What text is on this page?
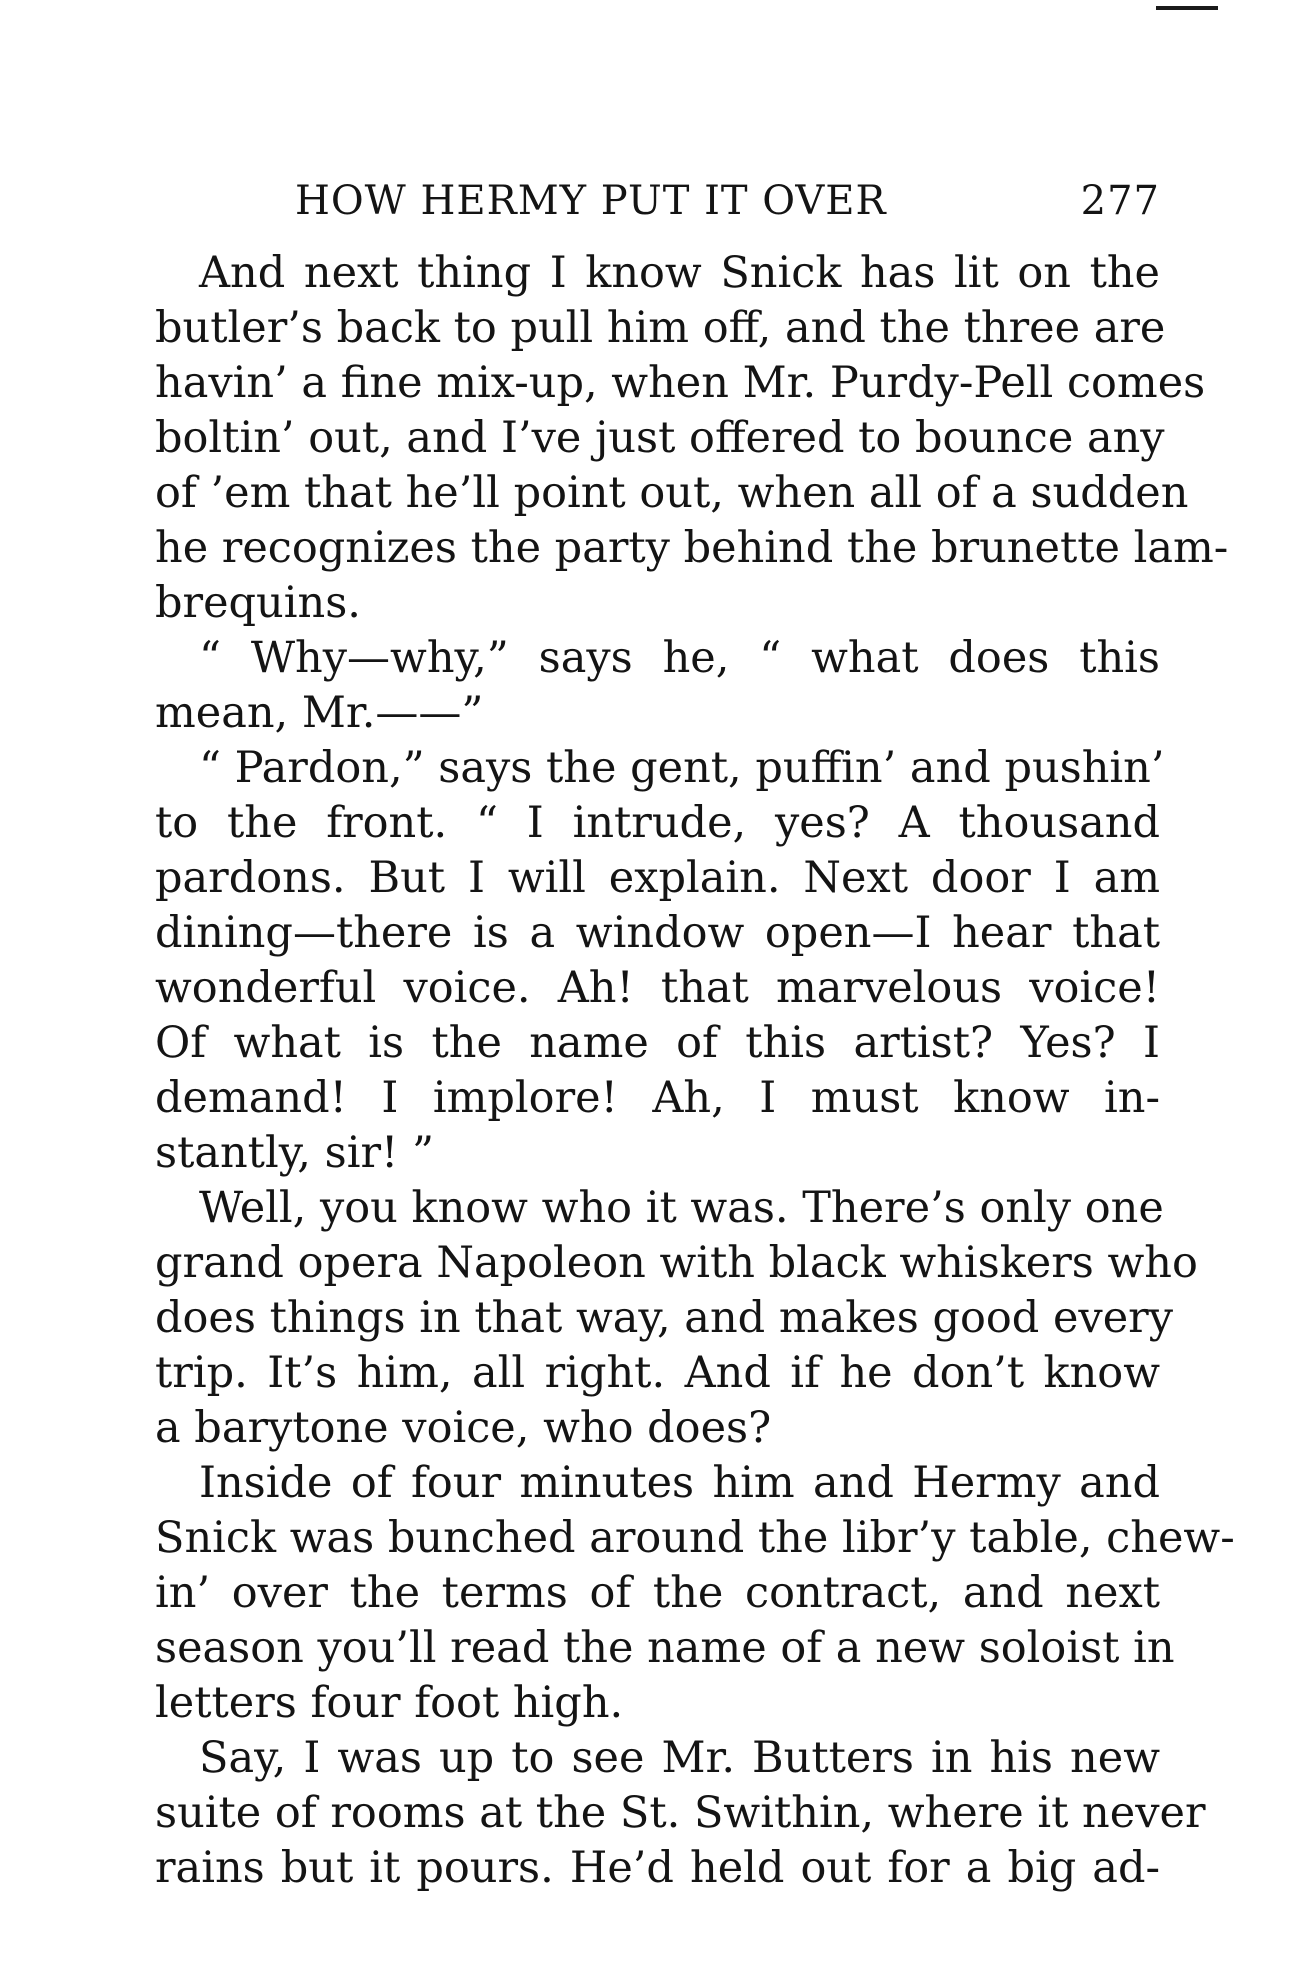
HOW HERMY PUT IT OVER	277

And next thing I know Snick has lit on the
butler’s back to pull him off, and the three are
havin’ a fine mix-up, when Mr. Purdy-Pell comes
boltin’ out, and I’ve just offered to bounce any
of ’em that he’ll point out, when all of a sudden
he recognizes the party behind the brunette lam-
brequins.

“ Why—why,” says he, “ what does this
mean, Mr.——”

“ Pardon,” says the gent, puffin’ and pushin’
to the front. “ I intrude, yes? A thousand
pardons. But I will explain. Next door I am
dining—there is a window open—I hear that
wonderful voice. Ah! that marvelous voice!
Of what is the name of this artist? Yes? I
demand! I implore! Ah, I must know in-
stantly, sir! ”

Well, you know who it was. There’s only one
grand opera Napoleon with black whiskers who
does things in that way, and makes good every
trip. It’s him, all right. And if he don’t know
a barytone voice, who does?

Inside of four minutes him and Hermy and
Snick was bunched around the libr’y table, chew-
in’ over the terms of the contract, and next
season you’ll read the name of a new soloist in
letters four foot high.

Say, I was up to see Mr. Butters in his new
suite of rooms at the St. Swithin, where it never
rains but it pours. He’d held out for a big ad-
